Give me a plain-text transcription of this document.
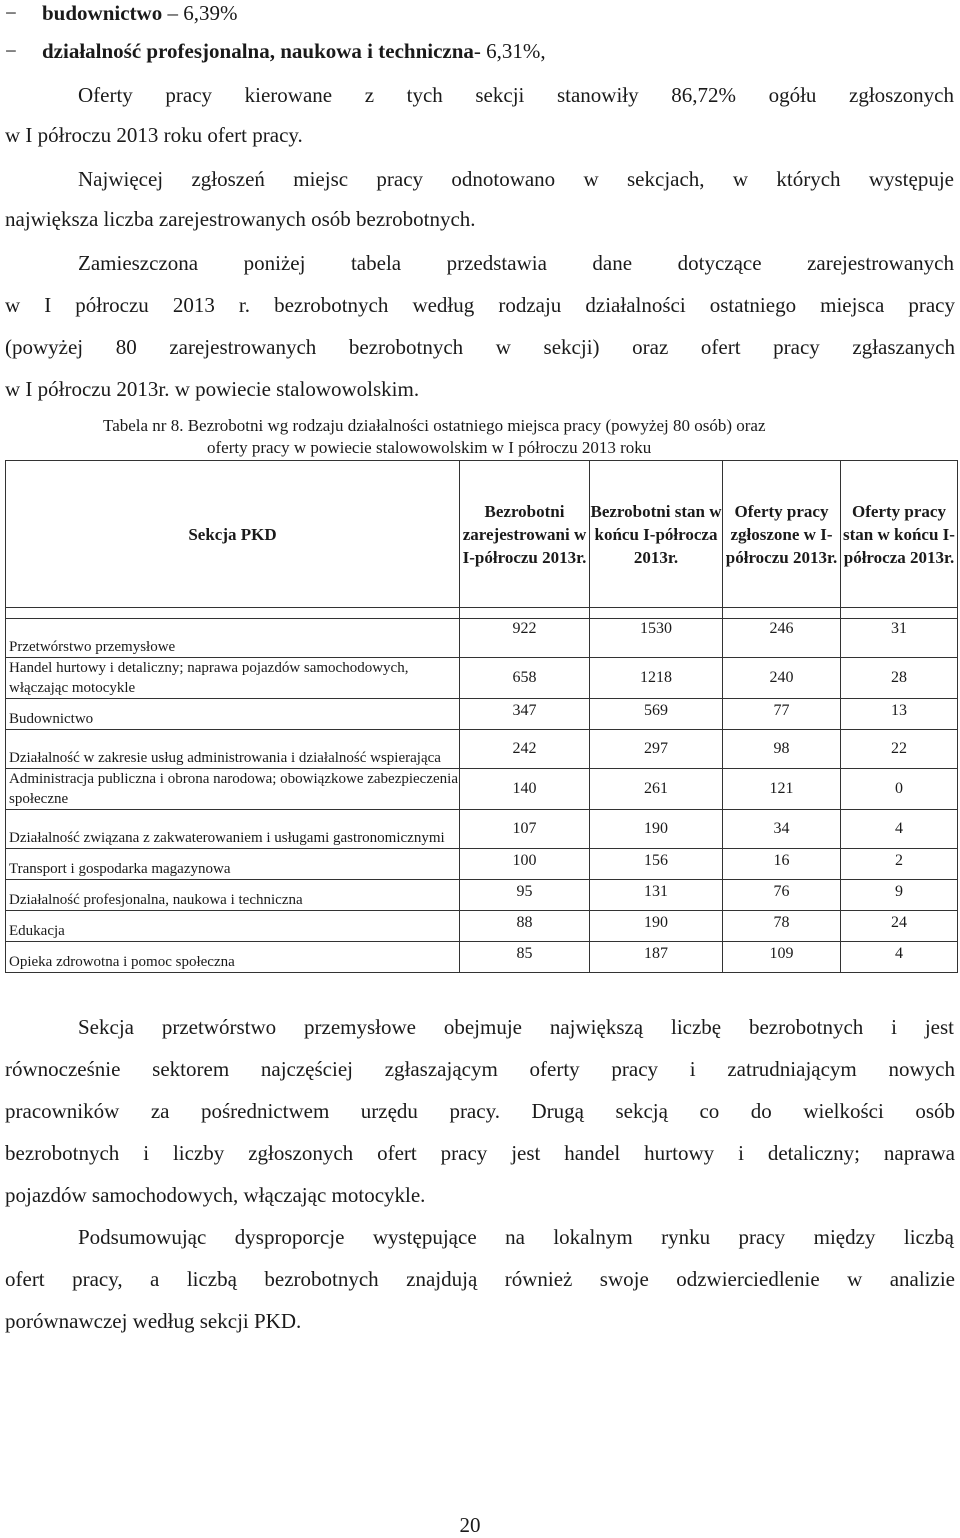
− budownictwo – 6,39%
− działalność profesjonalna, naukowa i techniczna- 6,31%,
Oferty pracy kierowane z tych sekcji stanowiły 86,72% ogółu zgłoszonych
w I półroczu 2013 roku ofert pracy.
Najwięcej zgłoszeń miejsc pracy odnotowano w sekcjach, w których występuje
największa liczba zarejestrowanych osób bezrobotnych.
Zamieszczona poniżej tabela przedstawia dane dotyczące zarejestrowanych
w I półroczu 2013 r. bezrobotnych według rodzaju działalności ostatniego miejsca pracy
(powyżej 80 zarejestrowanych bezrobotnych w sekcji) oraz ofert pracy zgłaszanych
w I półroczu 2013r. w powiecie stalowowolskim.
Tabela nr 8. Bezrobotni wg rodzaju działalności ostatniego miejsca pracy (powyżej 80 osób) oraz
oferty pracy w powiecie stalowowolskim w I półroczu 2013 roku
Sekcja PKD	Bezrobotni zarejestrowani w I-półroczu 2013r.	Bezrobotni stan w końcu I-półrocza 2013r.	Oferty pracy zgłoszone w I-półroczu 2013r.	Oferty pracy stan w końcu I-półrocza 2013r.

Przetwórstwo przemysłowe	922	1530	246	31
Handel hurtowy i detaliczny; naprawa pojazdów samochodowych, włączając motocykle	658	1218	240	28
Budownictwo	347	569	77	13
Działalność w zakresie usług administrowania i działalność wspierająca	242	297	98	22
Administracja publiczna i obrona narodowa; obowiązkowe zabezpieczenia społeczne	140	261	121	0
Działalność związana z zakwaterowaniem i usługami gastronomicznymi	107	190	34	4
Transport i gospodarka magazynowa	100	156	16	2
Działalność profesjonalna, naukowa i techniczna	95	131	76	9
Edukacja	88	190	78	24
Opieka zdrowotna i pomoc społeczna	85	187	109	4
Sekcja przetwórstwo przemysłowe obejmuje największą liczbę bezrobotnych i jest
równocześnie sektorem najczęściej zgłaszającym oferty pracy i zatrudniającym nowych
pracowników za pośrednictwem urzędu pracy. Drugą sekcją co do wielkości osób
bezrobotnych i liczby zgłoszonych ofert pracy jest handel hurtowy i detaliczny; naprawa
pojazdów samochodowych, włączając motocykle.
Podsumowując dysproporcje występujące na lokalnym rynku pracy między liczbą
ofert pracy, a liczbą bezrobotnych znajdują również swoje odzwierciedlenie w analizie
porównawczej według sekcji PKD.
20
